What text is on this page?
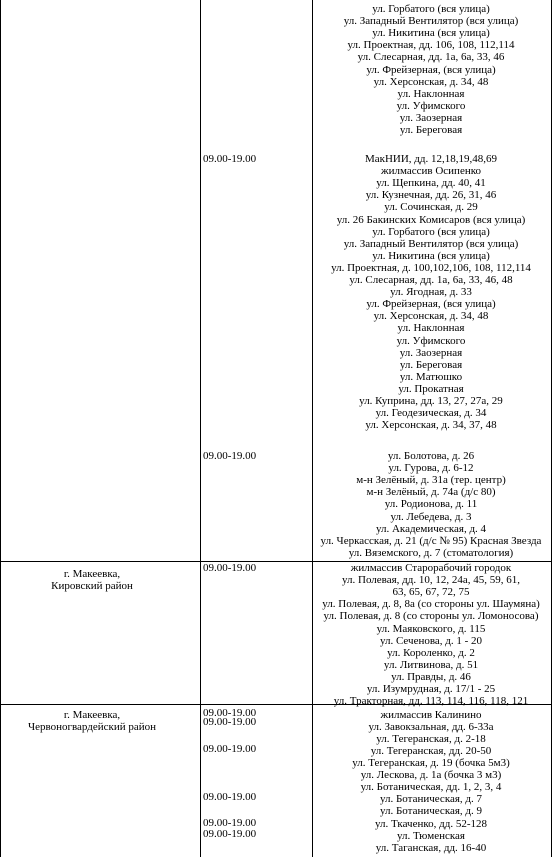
ул. Горбатого (вся улица)
ул. Западный Вентилятор (вся улица)
ул. Никитина (вся улица)
ул. Проектная, дд. 106, 108, 112,114
ул. Слесарная, дд. 1а, 6а, 33, 46
ул. Фрейзерная, (вся улица)
ул. Херсонская, д. 34, 48
ул. Наклонная
ул. Уфимского
ул. Заозерная
ул. Береговая
09.00-19.00	МакНИИ, дд. 12,18,19,48,69
жилмассив Осипенко
ул. Щепкина, дд. 40, 41
ул. Кузнечная, дд. 26, 31, 46
ул. Сочинская, д. 29
ул. 26 Бакинских Комисаров (вся улица)
ул. Горбатого (вся улица)
ул. Западный Вентилятор (вся улица)
ул. Никитина (вся улица)
ул. Проектная, д. 100,102,106, 108, 112,114
ул. Слесарная, дд. 1а, 6а, 33, 46, 48
ул. Ягодная, д. 33
ул. Фрейзерная, (вся улица)
ул. Херсонская, д. 34, 48
ул. Наклонная
ул. Уфимского
ул. Заозерная
ул. Береговая
ул. Матюшко
ул. Прокатная
ул. Куприна, дд. 13, 27, 27а, 29
ул. Геодезическая, д. 34
ул. Херсонская, д. 34, 37, 48
09.00-19.00	ул. Болотова, д. 26
ул. Гурова, д. 6-12
м-н Зелёный, д. 31а (тер. центр)
м-н Зелёный, д. 74а (д/с 80)
ул. Родионова, д. 11
ул. Лебедева, д. 3
ул. Академическая, д. 4
ул. Черкасская, д. 21 (д/с № 95) Красная Звезда
ул. Вяземского, д. 7 (стоматология)
г. Макеевка,
Кировский район
09.00-19.00	жилмассив Старорабочий городок
ул. Полевая, дд. 10, 12, 24а, 45, 59, 61,
63, 65, 67, 72, 75
ул. Полевая, д. 8, 8а (со стороны ул. Шаумяна)
ул. Полевая, д. 8 (со стороны ул. Ломоносова)
ул. Маяковского, д. 115
ул. Сеченова, д. 1 - 20
ул. Короленко, д. 2
ул. Литвинова, д. 51
ул. Правды, д. 46
ул. Изумрудная, д. 17/1 - 25
ул. Тракторная, дд. 113, 114, 116, 118, 121
г. Макеевка,
Червоногвардейский район
09.00-19.00	жилмассив Калинино
09.00-19.00	ул. Завокзальная, дд. 6-33а
ул. Тегеранская, д. 2-18
09.00-19.00	ул. Тегеранская, дд. 20-50
ул. Тегеранская, д. 19 (бочка 5м3)
ул. Лескова, д. 1а (бочка 3 м3)
ул. Ботаническая, дд. 1, 2, 3, 4
09.00-19.00	ул. Ботаническая, д. 7
ул. Ботаническая, д. 9
09.00-19.00	ул. Ткаченко, дд. 52-128
09.00-19.00	ул. Тюменская
ул. Таганская, дд. 16-40
